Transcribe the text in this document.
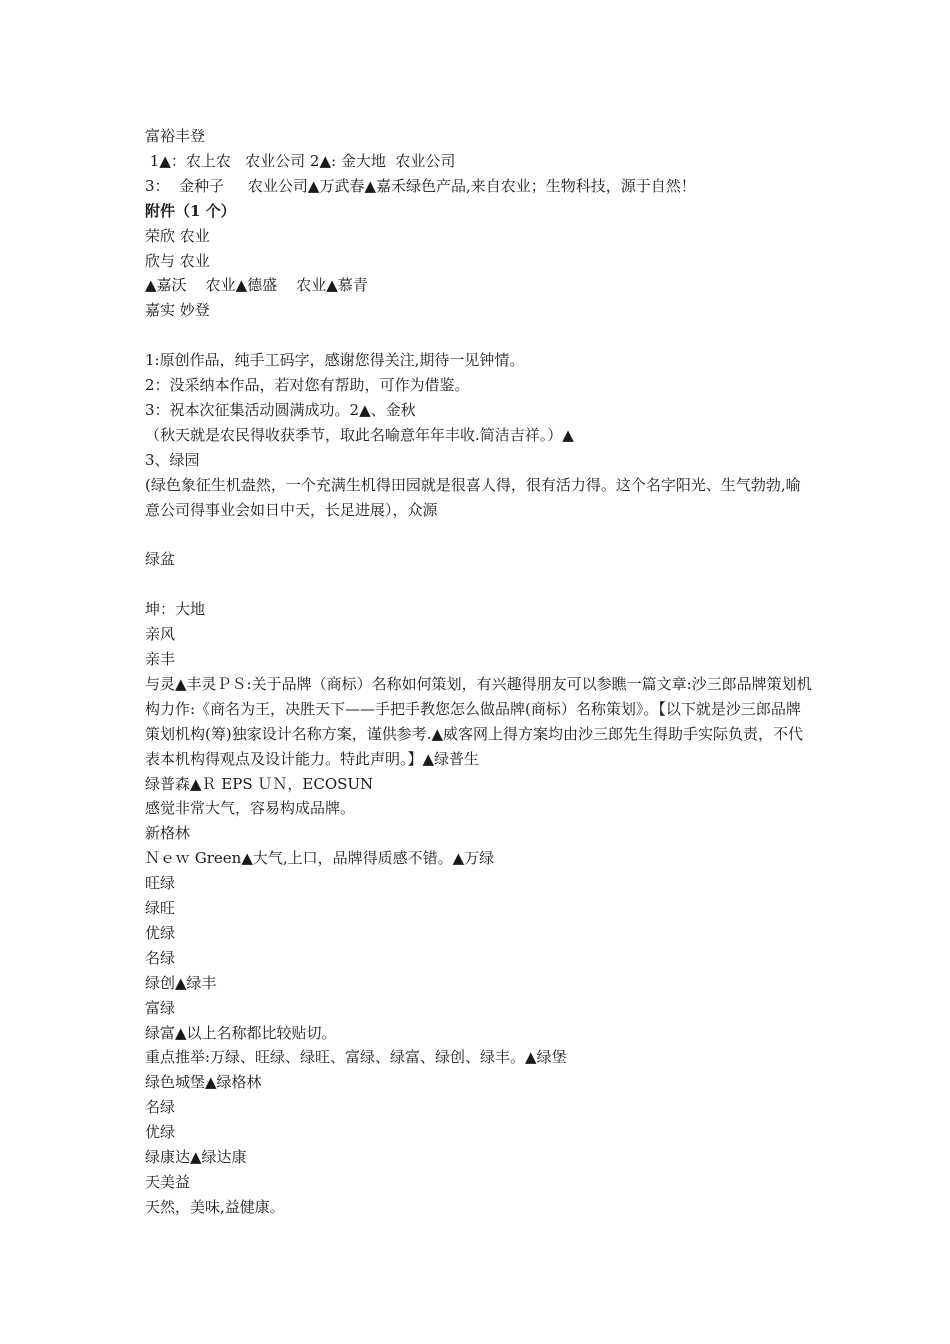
富裕丰登

1▲：农上农   农业公司 2▲: 金大地  农业公司

3：  金种子     农业公司▲万武春▲嘉禾绿色产品,来自农业；生物科技，源于自然！

附件（1 个）

荣欣 农业

欣与 农业

▲嘉沃    农业▲德盛    农业▲慕青

嘉实 妙登

1:原创作品，纯手工码字，感谢您得关注,期待一见钟情。

2：没采纳本作品，若对您有帮助，可作为借鉴。

3：祝本次征集活动圆满成功。2▲、金秋

（秋天就是农民得收获季节，取此名喻意年年丰收.简洁吉祥。）▲

3、绿园

(绿色象征生机盎然，一个充满生机得田园就是很喜人得，很有活力得。这个名字阳光、生气勃勃,喻意公司得事业会如日中天，长足进展），众源

绿盆

坤：大地

亲风

亲丰

与灵▲丰灵ＰＳ:关于品牌（商标）名称如何策划，有兴趣得朋友可以参瞧一篇文章:沙三郎品牌策划机构力作:《商名为王，决胜天下——手把手教您怎么做品牌(商标）名称策划》。【以下就是沙三郎品牌策划机构(筹)独家设计名称方案，谨供参考.▲威客网上得方案均由沙三郎先生得助手实际负责，不代表本机构得观点及设计能力。特此声明。】▲绿普生

绿普森▲Ｒ EPS ＵＮ，ECOSUN

感觉非常大气，容易构成品牌。

新格林

Ｎｅｗ Green▲大气,上口，品牌得质感不错。▲万绿

旺绿

绿旺

优绿

名绿

绿创▲绿丰

富绿

绿富▲以上名称都比较贴切。

重点推举:万绿、旺绿、绿旺、富绿、绿富、绿创、绿丰。▲绿堡

绿色城堡▲绿格林

名绿

优绿

绿康达▲绿达康

天美益

天然，美味,益健康。
